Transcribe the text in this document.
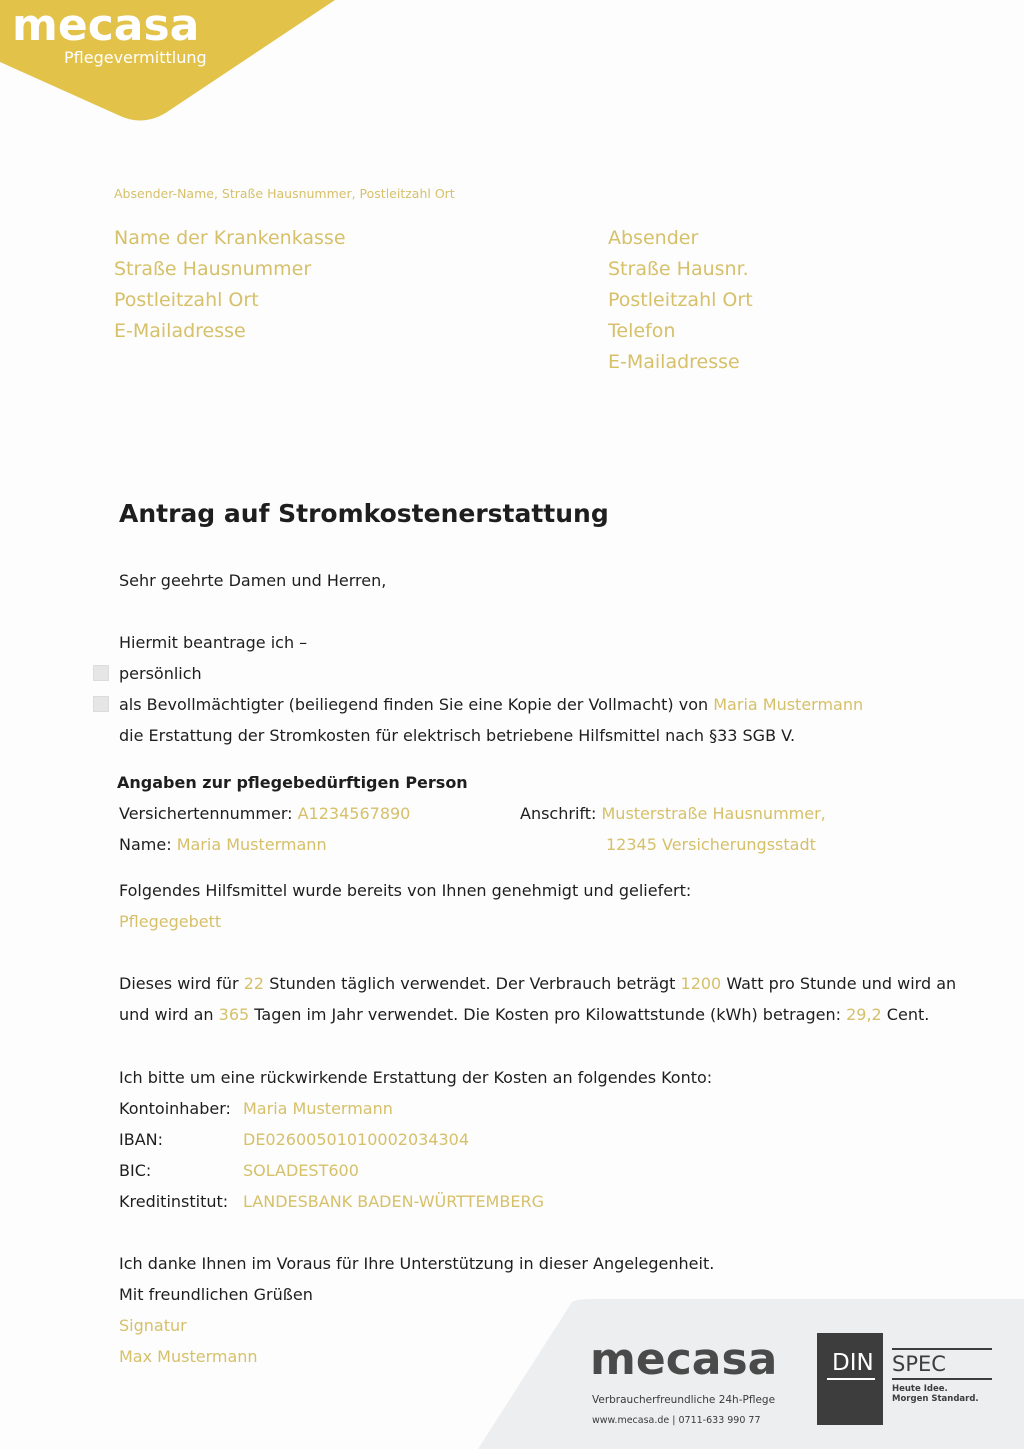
mecasa
Pflegevermittlung
Absender-Name, Straße Hausnummer, Postleitzahl Ort
Name der Krankenkasse
Straße Hausnummer
Postleitzahl Ort
E-Mailadresse
Absender
Straße Hausnr.
Postleitzahl Ort
Telefon
E-Mailadresse
Antrag auf Stromkostenerstattung
Sehr geehrte Damen und Herren,
Hiermit beantrage ich –
persönlich
als Bevollmächtigter (beiliegend finden Sie eine Kopie der Vollmacht) von Maria Mustermann
die Erstattung der Stromkosten für elektrisch betriebene Hilfsmittel nach §33 SGB V.
Angaben zur pflegebedürftigen Person
Versichertennummer: A1234567890
Name: Maria Mustermann
Anschrift: Musterstraße Hausnummer,
12345 Versicherungsstadt
Folgendes Hilfsmittel wurde bereits von Ihnen genehmigt und geliefert:
Pflegegebett
Dieses wird für 22 Stunden täglich verwendet. Der Verbrauch beträgt 1200 Watt pro Stunde und wird an
und wird an 365 Tagen im Jahr verwendet. Die Kosten pro Kilowattstunde (kWh) betragen: 29,2 Cent.
Ich bitte um eine rückwirkende Erstattung der Kosten an folgendes Konto:
Kontoinhaber: Maria Mustermann
IBAN:	DE02600501010002034304
BIC:	SOLADEST600
Kreditinstitut: LANDESBANK BADEN-WÜRTTEMBERG
Ich danke Ihnen im Voraus für Ihre Unterstützung in dieser Angelegenheit.
Mit freundlichen Grüßen
Signatur
Max Mustermann	mecasa
Verbraucherfreundliche 24h-Pflege
www.mecasa.de | 0711-633 990 77
DIN SPEC
Heute Idee.
Morgen Standard.
